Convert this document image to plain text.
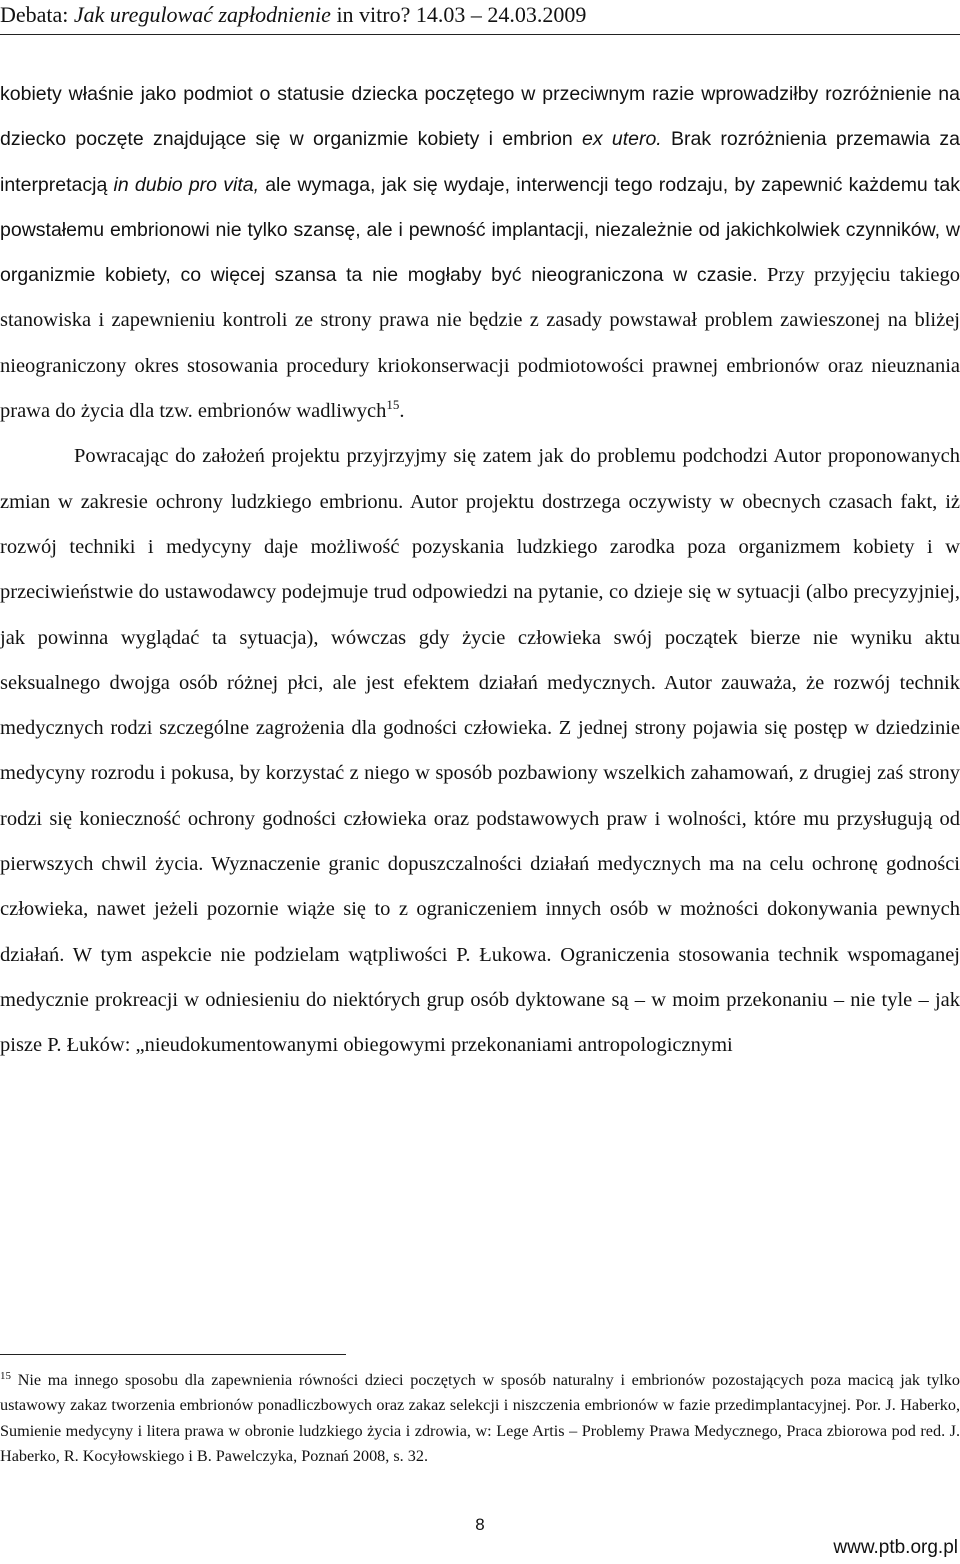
Debata: Jak uregulować zapłodnienie in vitro? 14.03 – 24.03.2009

kobiety właśnie jako podmiot o statusie dziecka poczętego w przeciwnym razie wprowadziłby rozróżnienie na dziecko poczęte znajdujące się w organizmie kobiety i embrion ex utero. Brak rozróżnienia przemawia za interpretacją in dubio pro vita, ale wymaga, jak się wydaje, interwencji tego rodzaju, by zapewnić każdemu tak powstałemu embrionowi nie tylko szansę, ale i pewność implantacji, niezależnie od jakichkolwiek czynników, w organizmie kobiety, co więcej szansa ta nie mogłaby być nieograniczona w czasie. Przy przyjęciu takiego stanowiska i zapewnieniu kontroli ze strony prawa nie będzie z zasady powstawał problem zawieszonej na bliżej nieograniczony okres stosowania procedury kriokonserwacji podmiotowości prawnej embrionów oraz nieuznania prawa do życia dla tzw. embrionów wadliwych$^{15}$.

Powracając do założeń projektu przyjrzyjmy się zatem jak do problemu podchodzi Autor proponowanych zmian w zakresie ochrony ludzkiego embrionu. Autor projektu dostrzega oczywisty w obecnych czasach fakt, iż rozwój techniki i medycyny daje możliwość pozyskania ludzkiego zarodka poza organizmem kobiety i w przeciwieństwie do ustawodawcy podejmuje trud odpowiedzi na pytanie, co dzieje się w sytuacji (albo precyzyjniej, jak powinna wyglądać ta sytuacja), wówczas gdy życie człowieka swój początek bierze nie wyniku aktu seksualnego dwojga osób różnej płci, ale jest efektem działań medycznych. Autor zauważa, że rozwój technik medycznych rodzi szczególne zagrożenia dla godności człowieka. Z jednej strony pojawia się postęp w dziedzinie medycyny rozrodu i pokusa, by korzystać z niego w sposób pozbawiony wszelkich zahamowań, z drugiej zaś strony rodzi się konieczność ochrony godności człowieka oraz podstawowych praw i wolności, które mu przysługują od pierwszych chwil życia. Wyznaczenie granic dopuszczalności działań medycznych ma na celu ochronę godności człowieka, nawet jeżeli pozornie wiąże się to z ograniczeniem innych osób w możności dokonywania pewnych działań. W tym aspekcie nie podzielam wątpliwości P. Łukowa. Ograniczenia stosowania technik wspomaganej medycznie prokreacji w odniesieniu do niektórych grup osób dyktowane są – w moim przekonaniu – nie tyle – jak pisze P. Łuków: „nieudokumentowanymi obiegowymi przekonaniami antropologicznymi

$^{15}$ Nie ma innego sposobu dla zapewnienia równości dzieci poczętych w sposób naturalny i embrionów pozostających poza macicą jak tylko ustawowy zakaz tworzenia embrionów ponadliczbowych oraz zakaz selekcji i niszczenia embrionów w fazie przedimplantacyjnej. Por. J. Haberko, Sumienie medycyny i litera prawa w obronie ludzkiego życia i zdrowia, w: Lege Artis – Problemy Prawa Medycznego, Praca zbiorowa pod red. J. Haberko, R. Kocyłowskiego i B. Pawelczyka, Poznań 2008, s. 32.
8
www.ptb.org.pl
